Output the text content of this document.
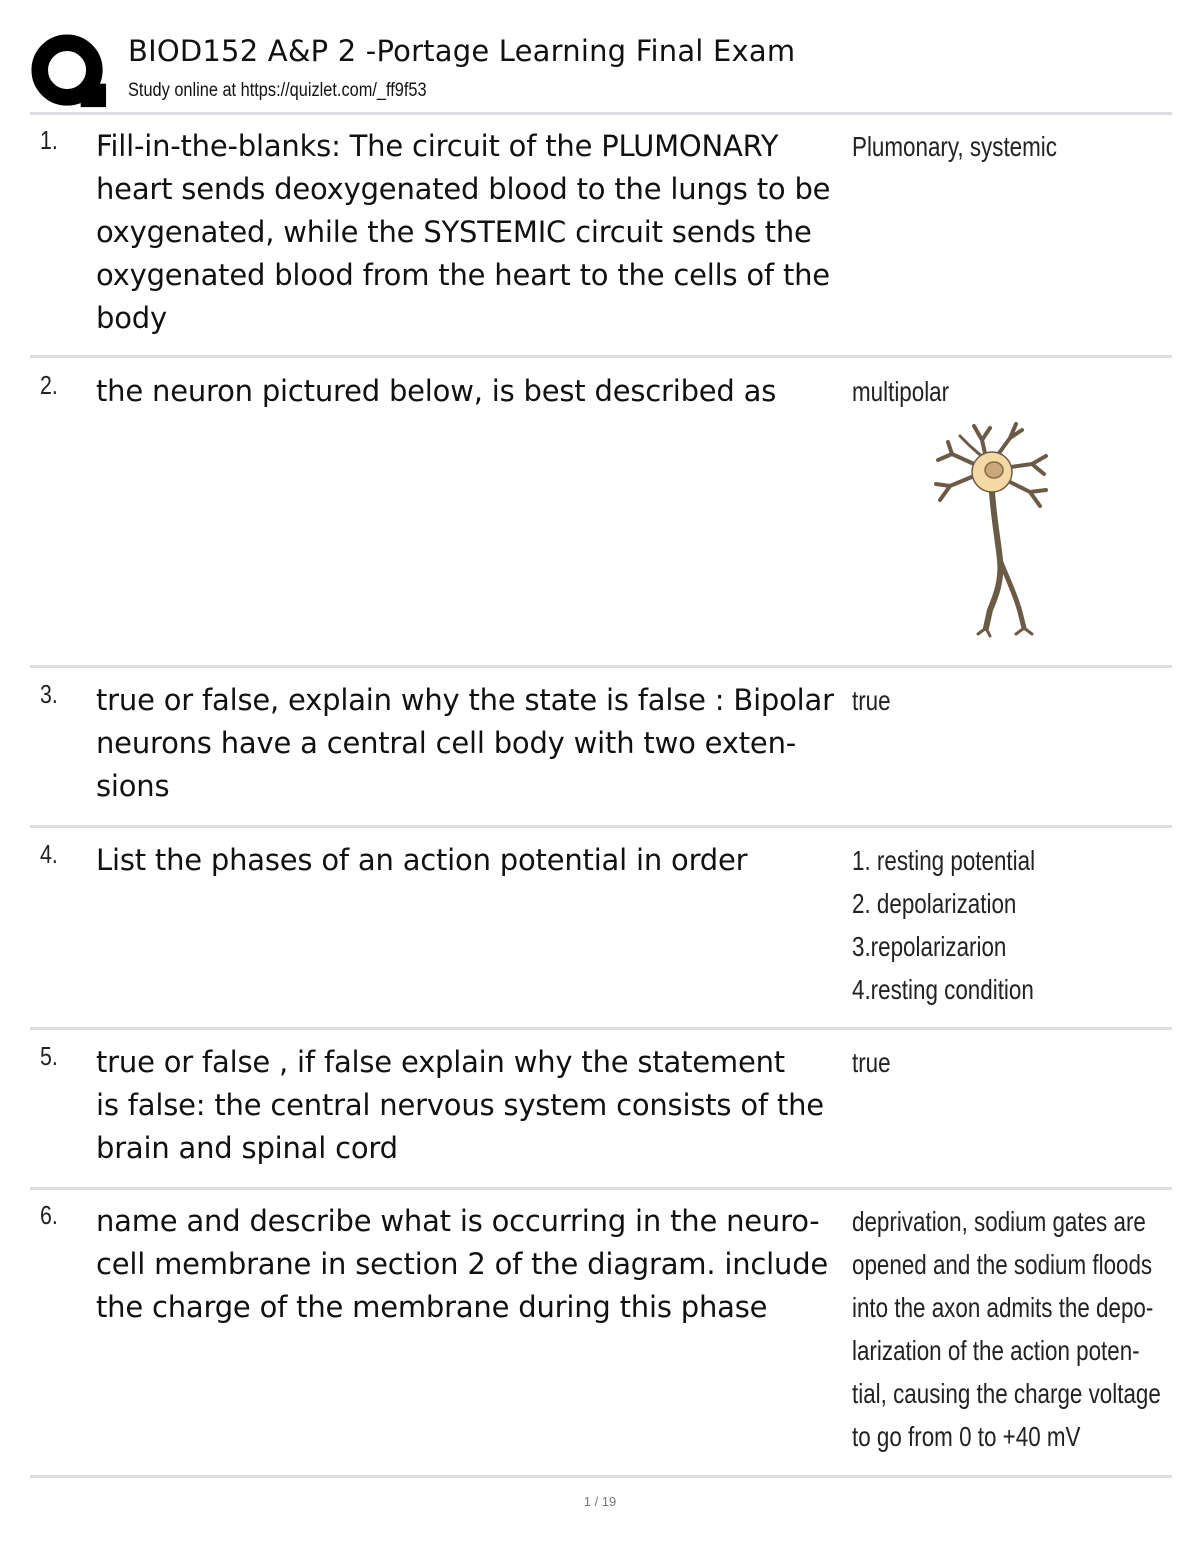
BIOD152 A&P 2 -Portage Learning Final Exam
Study online at https://quizlet.com/_ff9f53
1. Fill-in-the-blanks: The circuit of the PLUMONARY
heart sends deoxygenated blood to the lungs to be
oxygenated, while the SYSTEMIC circuit sends the
oxygenated blood from the heart to the cells of the
body
Plumonary, systemic
2. the neuron pictured below, is best described as	multipolar
3. true or false, explain why the state is false : Bipolar
neurons have a central cell body with two exten-
sions
true
4. List the phases of an action potential in order	1. resting potential
2. depolarization
3.repolarizarion
4.resting condition
5. true or false , if false explain why the statement
is false: the central nervous system consists of the
brain and spinal cord
true
6. name and describe what is occurring in the neuro-
cell membrane in section 2 of the diagram. include
the charge of the membrane during this phase
deprivation, sodium gates are
opened and the sodium floods
into the axon admits the depo-
larization of the action poten-
tial, causing the charge voltage
to go from 0 to +40 mV
1 / 19
